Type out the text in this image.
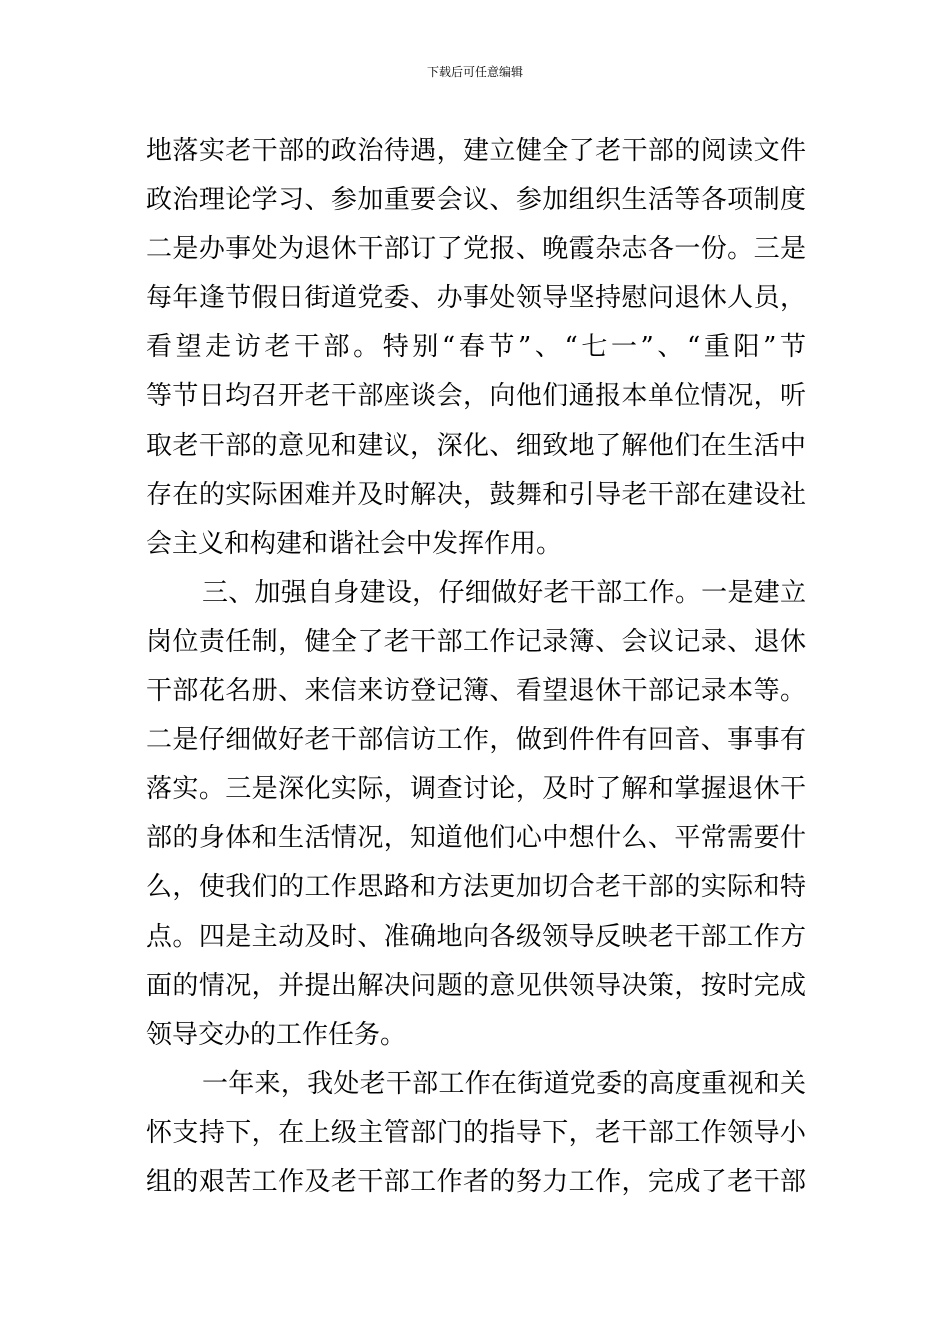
下载后可任意编辑
地落实老干部的政治待遇，建立健全了老干部的阅读文件
政治理论学习、参加重要会议、参加组织生活等各项制度
二是办事处为退休干部订了党报、晚霞杂志各一份。三是
每年逢节假日街道党委、办事处领导坚持慰问退休人员，
看望走访老干部。特别“春节”、“七一”、“重阳”节
等节日均召开老干部座谈会，向他们通报本单位情况，听
取老干部的意见和建议，深化、细致地了解他们在生活中
存在的实际困难并及时解决，鼓舞和引导老干部在建设社
会主义和构建和谐社会中发挥作用。
三、加强自身建设，仔细做好老干部工作。一是建立
岗位责任制，健全了老干部工作记录簿、会议记录、退休
干部花名册、来信来访登记簿、看望退休干部记录本等。
二是仔细做好老干部信访工作，做到件件有回音、事事有
落实。三是深化实际，调查讨论，及时了解和掌握退休干
部的身体和生活情况，知道他们心中想什么、平常需要什
么，使我们的工作思路和方法更加切合老干部的实际和特
点。四是主动及时、准确地向各级领导反映老干部工作方
面的情况，并提出解决问题的意见供领导决策，按时完成
领导交办的工作任务。
一年来，我处老干部工作在街道党委的高度重视和关
怀支持下，在上级主管部门的指导下，老干部工作领导小
组的艰苦工作及老干部工作者的努力工作，完成了老干部
